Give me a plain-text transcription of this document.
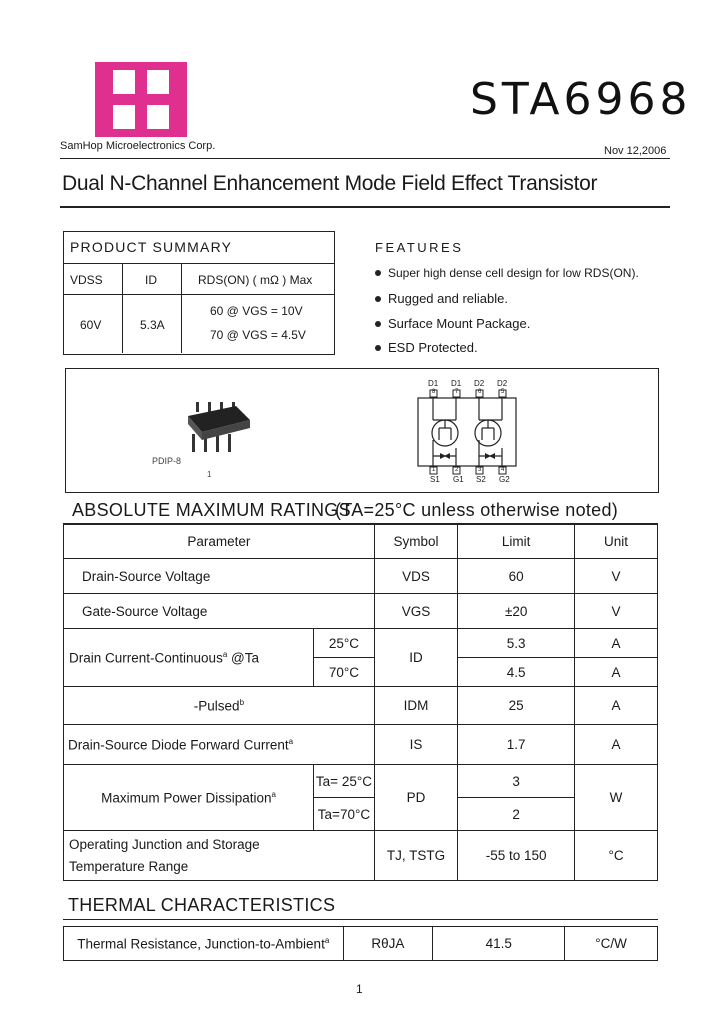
STA6968
SamHop Microelectronics Corp.	Nov 12,2006
Dual N-Channel Enhancement Mode Field Effect Transistor
PRODUCT SUMMARY
VDSS	ID	RDS(ON) ( mΩ ) Max
60V	5.3A
60 @ VGS = 10V
70 @ VGS = 4.5V
FEATURES
Super high dense cell design for low RDS(ON).
Rugged and reliable.
Surface Mount Package.
ESD Protected.
PDIP-8
1
D1 D1 D2 D2
8	7	6	5
1	2	3	4
S1 G1 S2 G2
ABSOLUTE MAXIMUM RATINGS
(TA=25°C unless otherwise noted)
Parameter		Symbol	Limit	Unit
Drain-Source Voltage		VDS	60	V
Gate-Source Voltage		VGS	±20	V
Drain Current-Continuous$^a$ @Ta	25°C	ID	5.3	A
	70°C		4.5	A
-Pulsed$^b$		IDM	25	A
Drain-Source Diode Forward Current$^a$		IS	1.7	A
Maximum Power Dissipation$^a$	Ta= 25°C	PD	3	W
	Ta=70°C		2	

Operating Junction and Storage
Temperature Range		TJ, TSTG	-55 to 150	°C
THERMAL CHARACTERISTICS
Thermal Resistance, Junction-to-Ambient$^a$	RθJA	41.5	°C/W
1
